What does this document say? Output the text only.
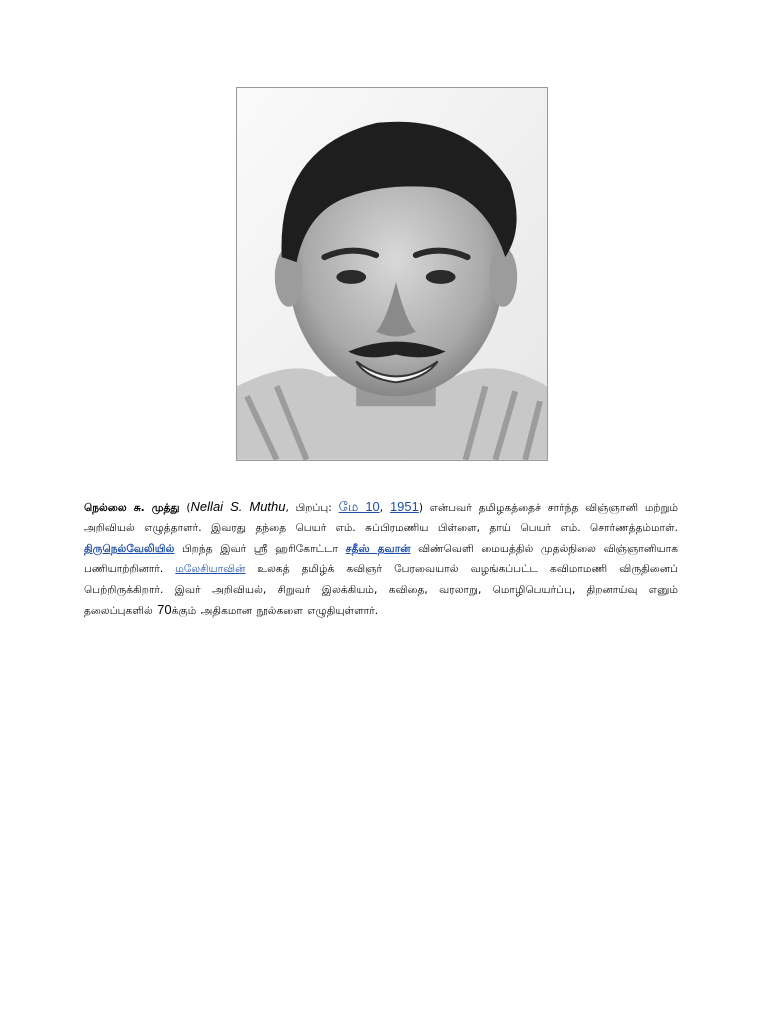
நெல்லை சு. முத்து (Nellai S. Muthu, பிறப்பு: மே 10, 1951) என்பவர் தமிழகத்தைச் சார்ந்த விஞ்ஞானி மற்றும் அறிவியல் எழுத்தாளர். இவரது தந்தை பெயர் எம். சுப்பிரமணிய பிள்ளை, தாய் பெயர் எம். சொர்ணத்தம்மாள். திருநெல்வேலியில் பிறந்த இவர் ஸ்ரீ ஹரிகோட்டா சதீஸ் தவான் விண்வெளி மையத்தில் முதல்நிலை விஞ்ஞானியாக பணியாற்றினார். மலேசியாவின் உலகத் தமிழ்க் கவிஞர் பேரவையால் வழங்கப்பட்ட கவிமாமணி விருதினைப் பெற்றிருக்கிறார். இவர் அறிவியல், சிறுவர் இலக்கியம், கவிதை, வரலாறு, மொழிபெயர்ப்பு, திறனாய்வு எனும் தலைப்புகளில் 70க்கும் அதிகமான நூல்களை எழுதியுள்ளார்.
